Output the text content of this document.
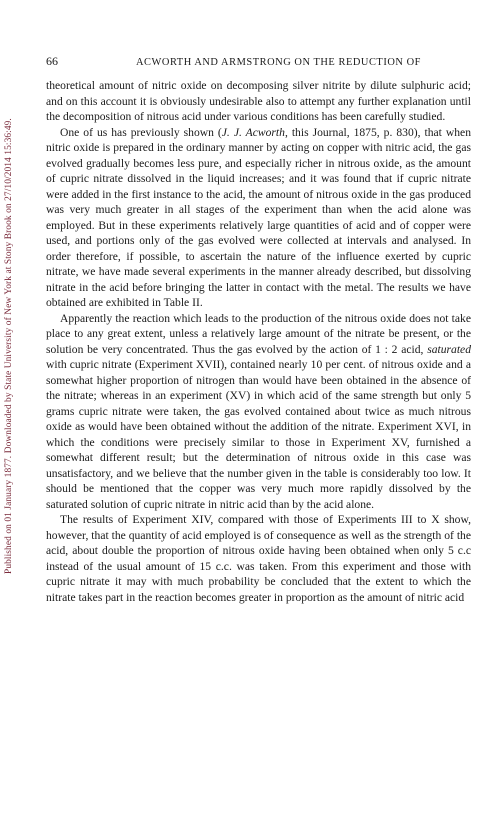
Published on 01 January 1877. Downloaded by State University of New York at Stony Brook on 27/10/2014 15:36:49.
66	ACWORTH AND ARMSTRONG ON THE REDUCTION OF

theoretical amount of nitric oxide on decomposing silver nitrite by dilute sulphuric acid; and on this account it is obviously undesirable also to attempt any further explanation until the decomposition of nitrous acid under various conditions has been carefully studied.

One of us has previously shown (J. J. Acworth, this Journal, 1875, p. 830), that when nitric oxide is prepared in the ordinary manner by acting on copper with nitric acid, the gas evolved gradually becomes less pure, and especially richer in nitrous oxide, as the amount of cupric nitrate dissolved in the liquid increases; and it was found that if cupric nitrate were added in the first instance to the acid, the amount of nitrous oxide in the gas produced was very much greater in all stages of the experiment than when the acid alone was employed. But in these experiments relatively large quantities of acid and of copper were used, and portions only of the gas evolved were collected at intervals and analysed. In order therefore, if possible, to ascertain the nature of the influence exerted by cupric nitrate, we have made several experiments in the manner already described, but dissolving nitrate in the acid before bringing the latter in contact with the metal. The results we have obtained are exhibited in Table II.

Apparently the reaction which leads to the production of the nitrous oxide does not take place to any great extent, unless a relatively large amount of the nitrate be present, or the solution be very concentrated. Thus the gas evolved by the action of 1 : 2 acid, saturated with cupric nitrate (Experiment XVII), contained nearly 10 per cent. of nitrous oxide and a somewhat higher proportion of nitrogen than would have been obtained in the absence of the nitrate; whereas in an experiment (XV) in which acid of the same strength but only 5 grams cupric nitrate were taken, the gas evolved contained about twice as much nitrous oxide as would have been obtained without the addition of the nitrate. Experiment XVI, in which the conditions were precisely similar to those in Experiment XV, furnished a somewhat different result; but the determination of nitrous oxide in this case was unsatisfactory, and we believe that the number given in the table is considerably too low. It should be mentioned that the copper was very much more rapidly dissolved by the saturated solution of cupric nitrate in nitric acid than by the acid alone.

The results of Experiment XIV, compared with those of Experiments III to X show, however, that the quantity of acid employed is of consequence as well as the strength of the acid, about double the proportion of nitrous oxide having been obtained when only 5 c.c instead of the usual amount of 15 c.c. was taken. From this experiment and those with cupric nitrate it may with much probability be concluded that the extent to which the nitrate takes part in the reaction becomes greater in proportion as the amount of nitric acid
